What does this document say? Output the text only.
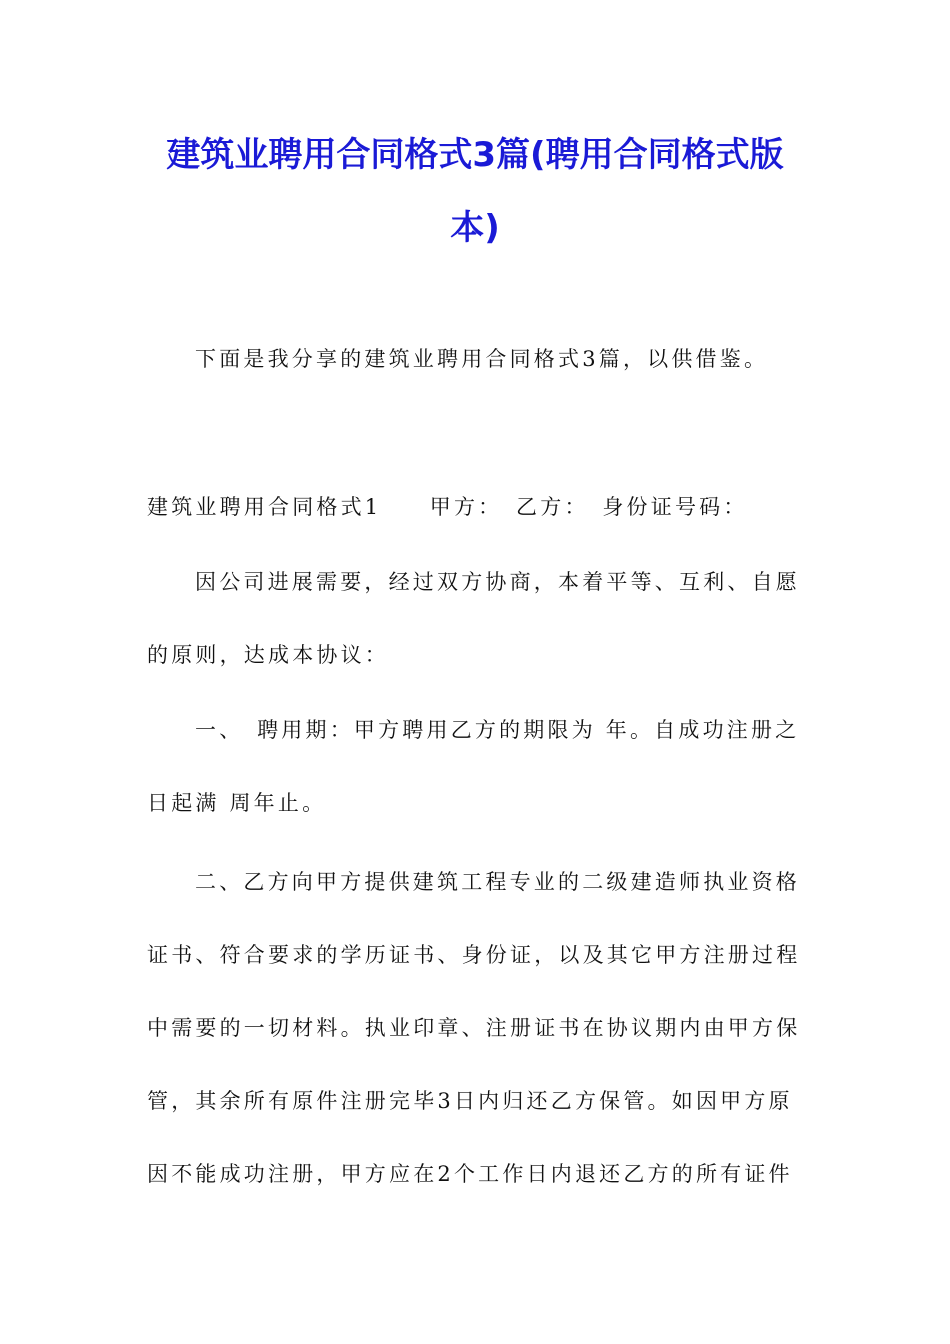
建筑业聘用合同格式3篇(聘用合同格式版
本)

下面是我分享的建筑业聘用合同格式3篇，以供借鉴。

建筑业聘用合同格式1　　甲方：　乙方：　身份证号码：

因公司进展需要，经过双方协商，本着平等、互利、自愿
的原则，达成本协议：

一、　聘用期：甲方聘用乙方的期限为 年。自成功注册之
日起满 周年止。

二、乙方向甲方提供建筑工程专业的二级建造师执业资格
证书、符合要求的学历证书、身份证，以及其它甲方注册过程
中需要的一切材料。执业印章、注册证书在协议期内由甲方保
管，其余所有原件注册完毕3日内归还乙方保管。如因甲方原
因不能成功注册，甲方应在2个工作日内退还乙方的所有证件
